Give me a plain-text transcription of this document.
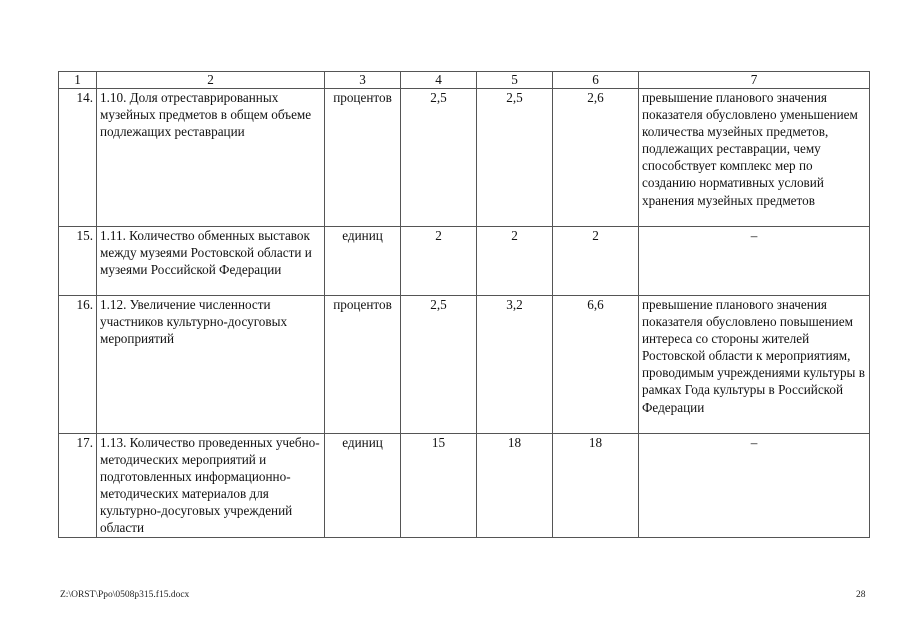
1	2	3	4	5	6	7
14.	1.10. Доля отреставрированных музейных предметов в общем объеме подлежащих реставрации	процентов	2,5	2,5	2,6	превышение планового значения показателя обусловлено уменьшением количества музейных предметов, подлежащих реставрации, чему способствует комплекс мер по созданию нормативных условий хранения музейных предметов
15.	1.11. Количество обменных выставок между музеями Ростовской области и музеями Российской Федерации	единиц	2	2	2	–
16.	1.12. Увеличение численности участников культурно-досуговых мероприятий	процентов	2,5	3,2	6,6	превышение планового значения показателя обусловлено повышением интереса со стороны жителей Ростовской области к мероприятиям, проводимым учреждениями культуры в рамках Года культуры в Российской Федерации
17.	1.13. Количество проведенных учебно-методических мероприятий и подготовленных информационно-методических материалов для культурно-досуговых учреждений области	единиц	15	18	18	–
Z:\ORST\Ppo\0508p315.f15.docx	28
